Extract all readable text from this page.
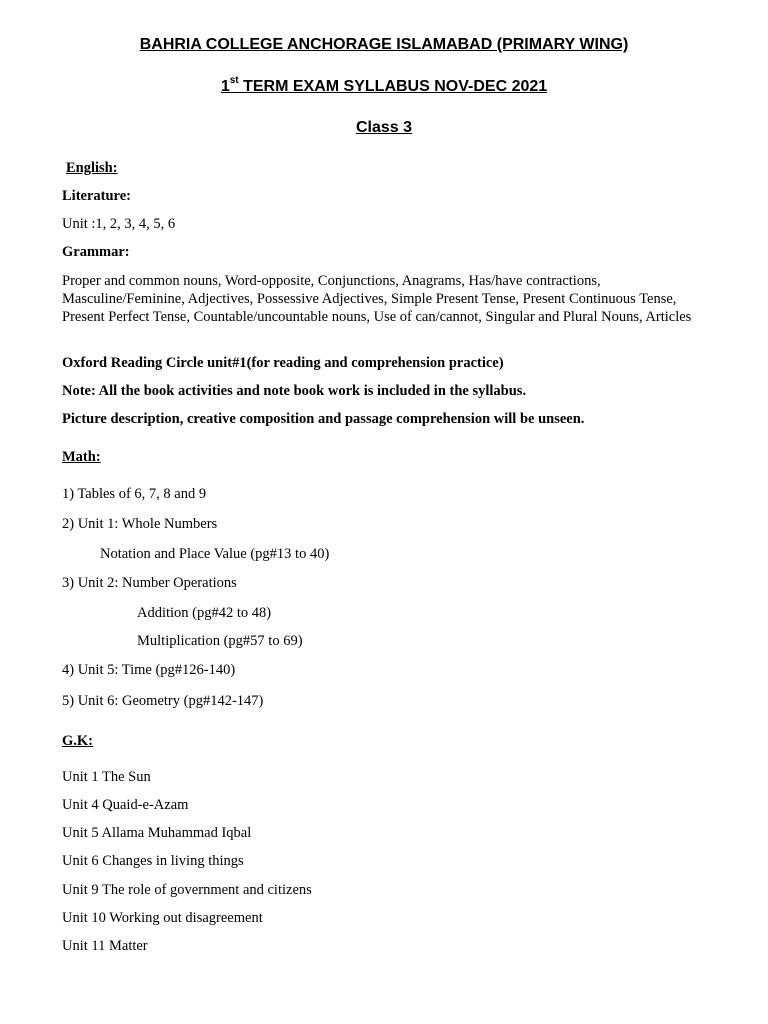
BAHRIA COLLEGE ANCHORAGE ISLAMABAD (PRIMARY WING)
1st TERM EXAM SYLLABUS NOV-DEC 2021
Class 3
English:
Literature:
Unit :1, 2, 3, 4, 5, 6
Grammar:
Proper and common nouns, Word-opposite, Conjunctions, Anagrams, Has/have contractions, Masculine/Feminine, Adjectives, Possessive Adjectives, Simple Present Tense, Present Continuous Tense, Present Perfect Tense, Countable/uncountable nouns, Use of can/cannot, Singular and Plural Nouns, Articles
Oxford Reading Circle unit#1(for reading and comprehension practice)
Note: All the book activities and note book work is included in the syllabus.
Picture description, creative composition and passage comprehension will be unseen.
Math:
1) Tables of 6, 7, 8 and 9
2) Unit 1: Whole Numbers
Notation and Place Value (pg#13 to 40)
3) Unit 2: Number Operations
Addition (pg#42 to 48)
Multiplication (pg#57 to 69)
4) Unit 5: Time (pg#126-140)
5) Unit 6: Geometry (pg#142-147)
G.K:
Unit 1 The Sun
Unit 4 Quaid-e-Azam
Unit 5 Allama Muhammad Iqbal
Unit 6 Changes in living things
Unit 9 The role of government and citizens
Unit 10 Working out disagreement
Unit 11 Matter
